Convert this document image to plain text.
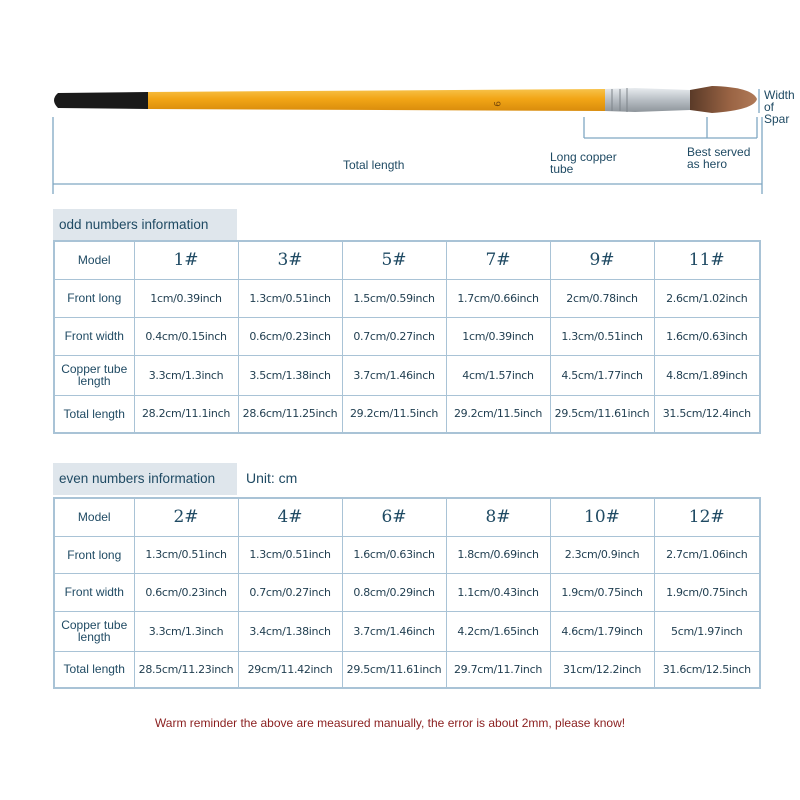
9
Width
of Spar
Total length
Long copper
tube
Best served
as hero
odd numbers information
Model	1#	3#	5#	7#	9#	11#
Front long	1cm/0.39inch	1.3cm/0.51inch	1.5cm/0.59inch	1.7cm/0.66inch	2cm/0.78inch	2.6cm/1.02inch
Front width	0.4cm/0.15inch	0.6cm/0.23inch	0.7cm/0.27inch	1cm/0.39inch	1.3cm/0.51inch	1.6cm/0.63inch
Copper tube length	3.3cm/1.3inch	3.5cm/1.38inch	3.7cm/1.46inch	4cm/1.57inch	4.5cm/1.77inch	4.8cm/1.89inch
Total length	28.2cm/11.1inch	28.6cm/11.25inch	29.2cm/11.5inch	29.2cm/11.5inch	29.5cm/11.61inch	31.5cm/12.4inch
even numbers information	Unit: cm
Model	2#	4#	6#	8#	10#	12#
Front long	1.3cm/0.51inch	1.3cm/0.51inch	1.6cm/0.63inch	1.8cm/0.69inch	2.3cm/0.9inch	2.7cm/1.06inch
Front width	0.6cm/0.23inch	0.7cm/0.27inch	0.8cm/0.29inch	1.1cm/0.43inch	1.9cm/0.75inch	1.9cm/0.75inch
Copper tube length	3.3cm/1.3inch	3.4cm/1.38inch	3.7cm/1.46inch	4.2cm/1.65inch	4.6cm/1.79inch	5cm/1.97inch
Total length	28.5cm/11.23inch	29cm/11.42inch	29.5cm/11.61inch	29.7cm/11.7inch	31cm/12.2inch	31.6cm/12.5inch
Warm reminder the above are measured manually, the error is about 2mm, please know!
